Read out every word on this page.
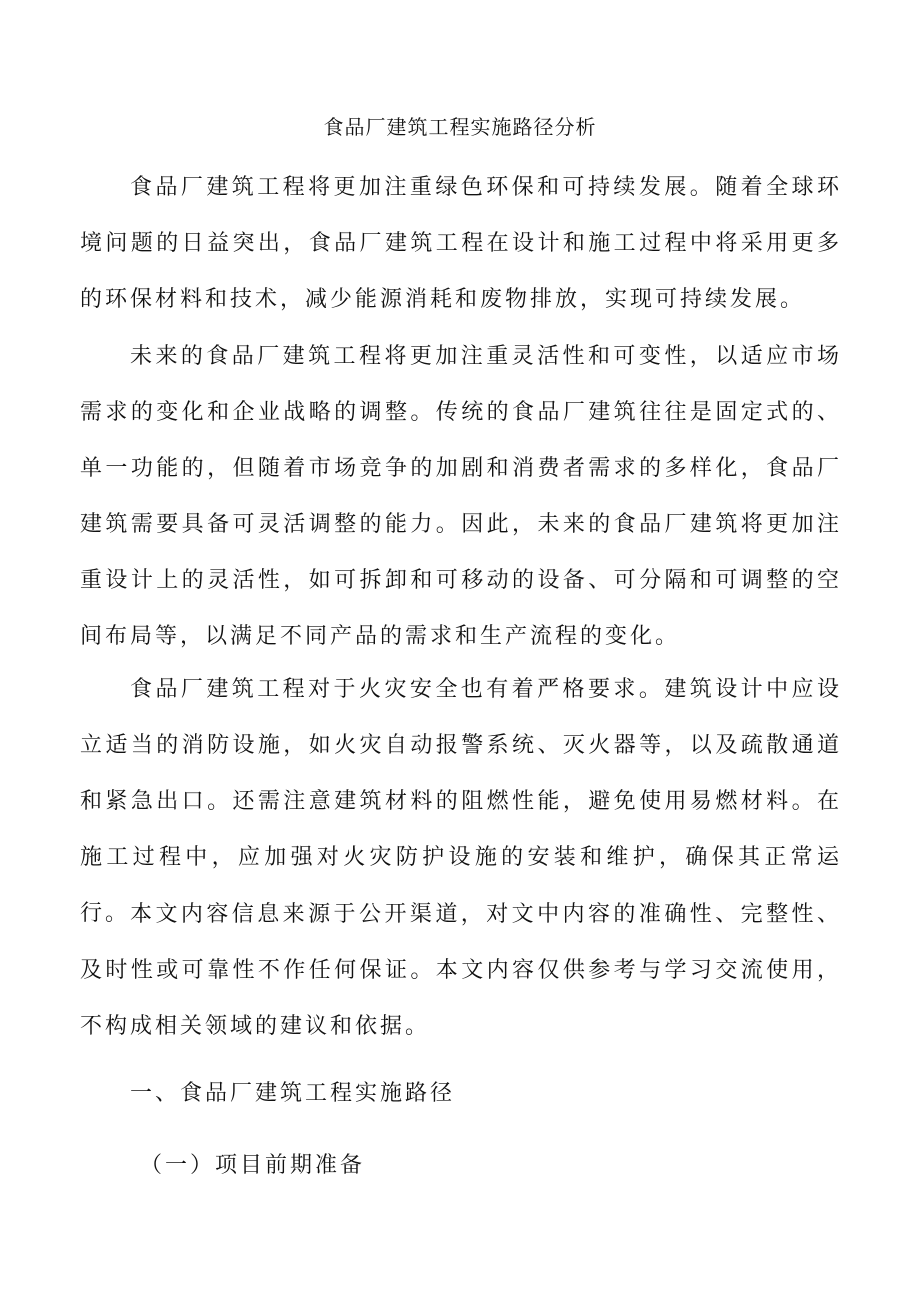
食品厂建筑工程实施路径分析

食品厂建筑工程将更加注重绿色环保和可持续发展。随着全球环境问题的日益突出，食品厂建筑工程在设计和施工过程中将采用更多的环保材料和技术，减少能源消耗和废物排放，实现可持续发展。

未来的食品厂建筑工程将更加注重灵活性和可变性，以适应市场需求的变化和企业战略的调整。传统的食品厂建筑往往是固定式的、单一功能的，但随着市场竞争的加剧和消费者需求的多样化，食品厂建筑需要具备可灵活调整的能力。因此，未来的食品厂建筑将更加注重设计上的灵活性，如可拆卸和可移动的设备、可分隔和可调整的空间布局等，以满足不同产品的需求和生产流程的变化。

食品厂建筑工程对于火灾安全也有着严格要求。建筑设计中应设立适当的消防设施，如火灾自动报警系统、灭火器等，以及疏散通道和紧急出口。还需注意建筑材料的阻燃性能，避免使用易燃材料。在施工过程中，应加强对火灾防护设施的安装和维护，确保其正常运行。 本文内容信息来源于公开渠道，对文中内容的准确性、完整性、及时性或可靠性不作任何保证。本文内容仅供参考与学习交流使用，不构成相关领域的建议和依据。

一、食品厂建筑工程实施路径
（一）项目前期准备
